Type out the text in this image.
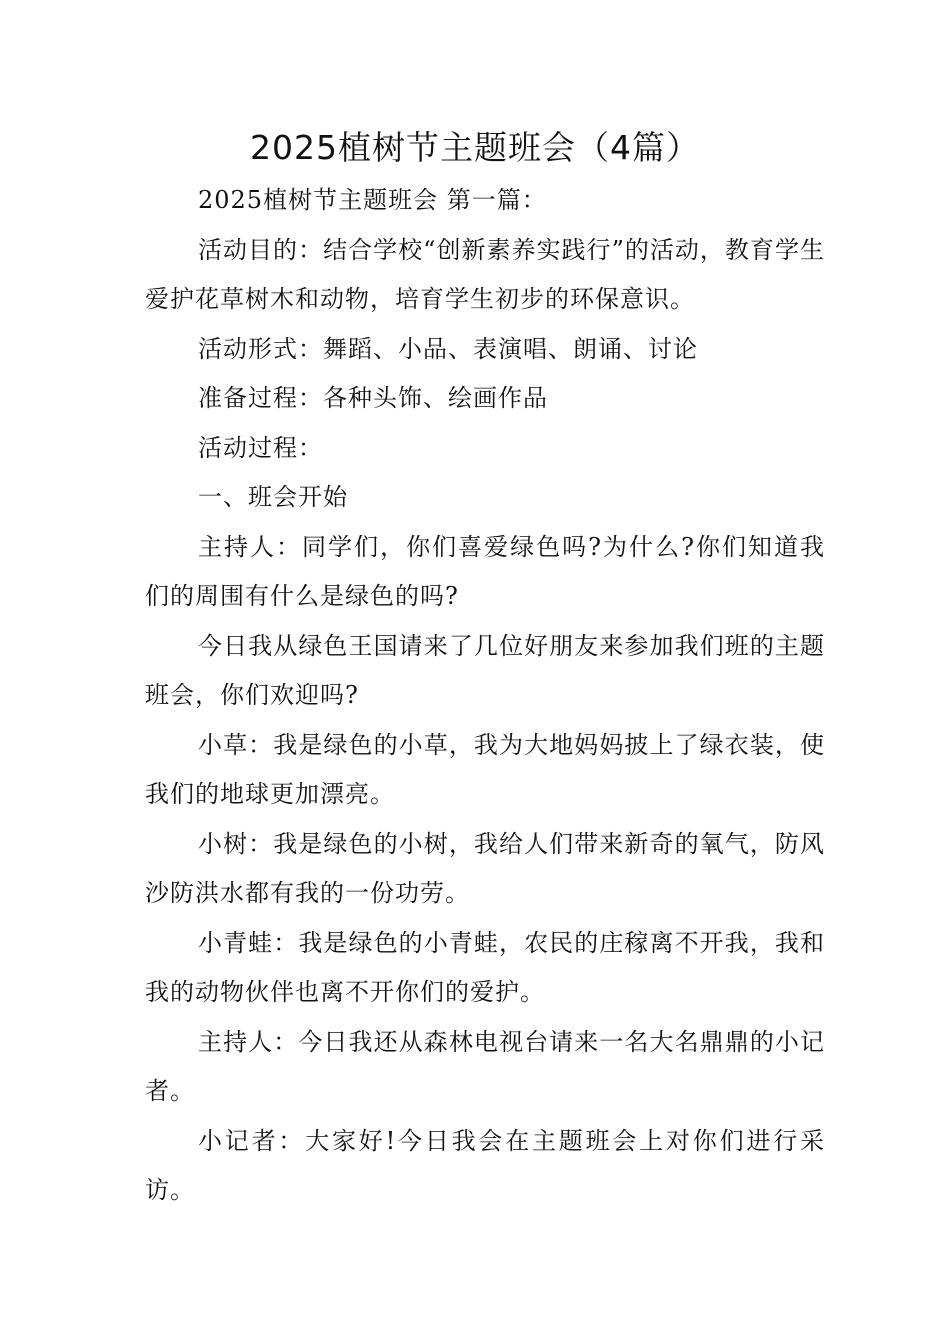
2025植树节主题班会（4篇）

2025植树节主题班会 第一篇：

活动目的：结合学校“创新素养实践行”的活动，教育学生爱护花草树木和动物，培育学生初步的环保意识。

活动形式：舞蹈、小品、表演唱、朗诵、讨论

准备过程：各种头饰、绘画作品

活动过程：

一、班会开始

主持人：同学们，你们喜爱绿色吗?为什么?你们知道我们的周围有什么是绿色的吗?

今日我从绿色王国请来了几位好朋友来参加我们班的主题班会，你们欢迎吗?

小草：我是绿色的小草，我为大地妈妈披上了绿衣装，使我们的地球更加漂亮。

小树：我是绿色的小树，我给人们带来新奇的氧气，防风沙防洪水都有我的一份功劳。

小青蛙：我是绿色的小青蛙，农民的庄稼离不开我，我和我的动物伙伴也离不开你们的爱护。

主持人：今日我还从森林电视台请来一名大名鼎鼎的小记者。

小记者：大家好!今日我会在主题班会上对你们进行采访。
